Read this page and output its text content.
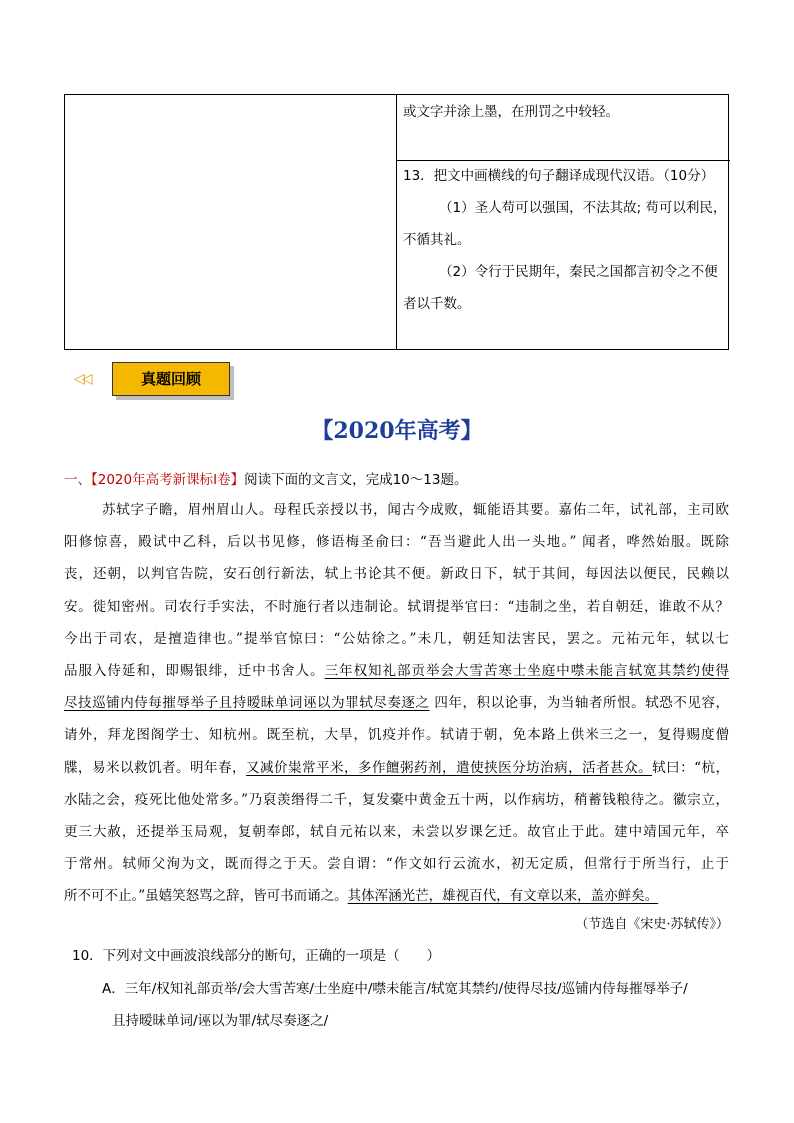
或文字并涂上墨，在刑罚之中较轻。
13．把文中画横线的句子翻译成现代汉语。（10分）
（1）圣人苟可以强国，不法其故; 苟可以利民，
不循其礼。
（2）令行于民期年，秦民之国都言初令之不便
者以千数。
◁◁	真题回顾
【2020年高考】
一、【2020年高考新课标Ⅰ卷】阅读下面的文言文，完成10～13题。
苏轼字子瞻，眉州眉山人。母程氏亲授以书，闻古今成败，辄能语其要。嘉佑二年，试礼部，主司欧
阳修惊喜，殿试中乙科，后以书见修，修语梅圣俞曰：“吾当避此人出一头地。” 闻者，哗然始服。既除
丧，还朝，以判官告院，安石创行新法，轼上书论其不便。新政日下，轼于其间，每因法以便民，民赖以
安。徙知密州。司农行手实法，不时施行者以违制论。轼谓提举官曰：“违制之坐，若自朝廷，谁敢不从？
今出于司农，是擅造律也。”提举官惊曰：“公姑徐之。”未几，朝廷知法害民，罢之。元祐元年，轼以七
品服入侍延和，即赐银绯，迁中书舍人。三年权知礼部贡举会大雪苦寒士坐庭中噤未能言轼宽其禁约使得
尽技巡铺内侍每摧辱举子且持暧昧单词诬以为罪轼尽奏逐之 四年，积以论事，为当轴者所恨。轼恐不见容，
请外，拜龙图阁学士、知杭州。既至杭，大旱，饥疫并作。轼请于朝，免本路上供米三之一，复得赐度僧
牒，易米以救饥者。明年春，又减价粜常平米，多作饘粥药剂，遣使挟医分坊治病，活者甚众。轼曰：“杭，
水陆之会，疫死比他处常多。”乃裒羡缗得二千，复发橐中黄金五十两，以作病坊，稍蓄钱粮待之。徽宗立，
更三大赦，还提举玉局观，复朝奉郎，轼自元祐以来，未尝以岁课乞迁。故官止于此。建中靖国元年，卒
于常州。轼师父洵为文，既而得之于天。尝自谓：“作文如行云流水，初无定质，但常行于所当行，止于
所不可不止。”虽嬉笑怒骂之辞，皆可书而诵之。其体浑涵光芒，雄视百代，有文章以来，盖亦鲜矣。
（节选自《宋史·苏轼传》）
10．下列对文中画波浪线部分的断句，正确的一项是（　　）
A．三年/权知礼部贡举/会大雪苦寒/士坐庭中/噤未能言/轼宽其禁约/使得尽技/巡铺内侍每摧辱举子/
且持暧昧单词/诬以为罪/轼尽奏逐之/
